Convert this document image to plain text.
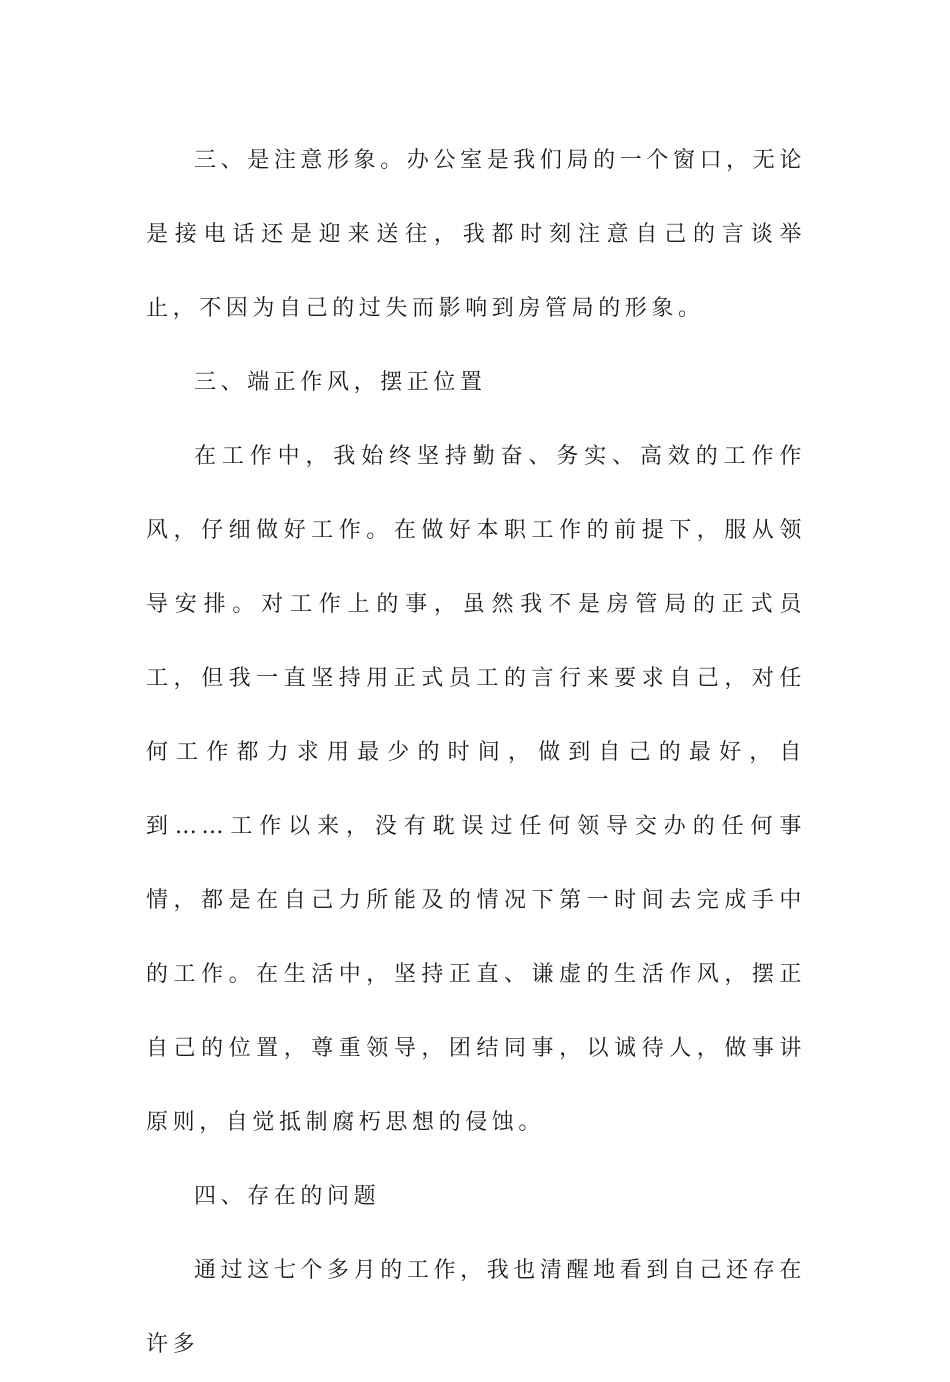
三、是注意形象。办公室是我们局的一个窗口，无论是接电话还是迎来送往，我都时刻注意自己的言谈举止，不因为自己的过失而影响到房管局的形象。

三、端正作风，摆正位置

在工作中，我始终坚持勤奋、务实、高效的工作作风，仔细做好工作。在做好本职工作的前提下，服从领导安排。对工作上的事，虽然我不是房管局的正式员工，但我一直坚持用正式员工的言行来要求自己，对任何工作都力求用最少的时间，做到自己的最好，自到……工作以来，没有耽误过任何领导交办的任何事情，都是在自己力所能及的情况下第一时间去完成手中的工作。在生活中，坚持正直、谦虚的生活作风，摆正自己的位置，尊重领导，团结同事，以诚待人，做事讲原则，自觉抵制腐朽思想的侵蚀。

四、存在的问题

通过这七个多月的工作，我也清醒地看到自己还存在许多
